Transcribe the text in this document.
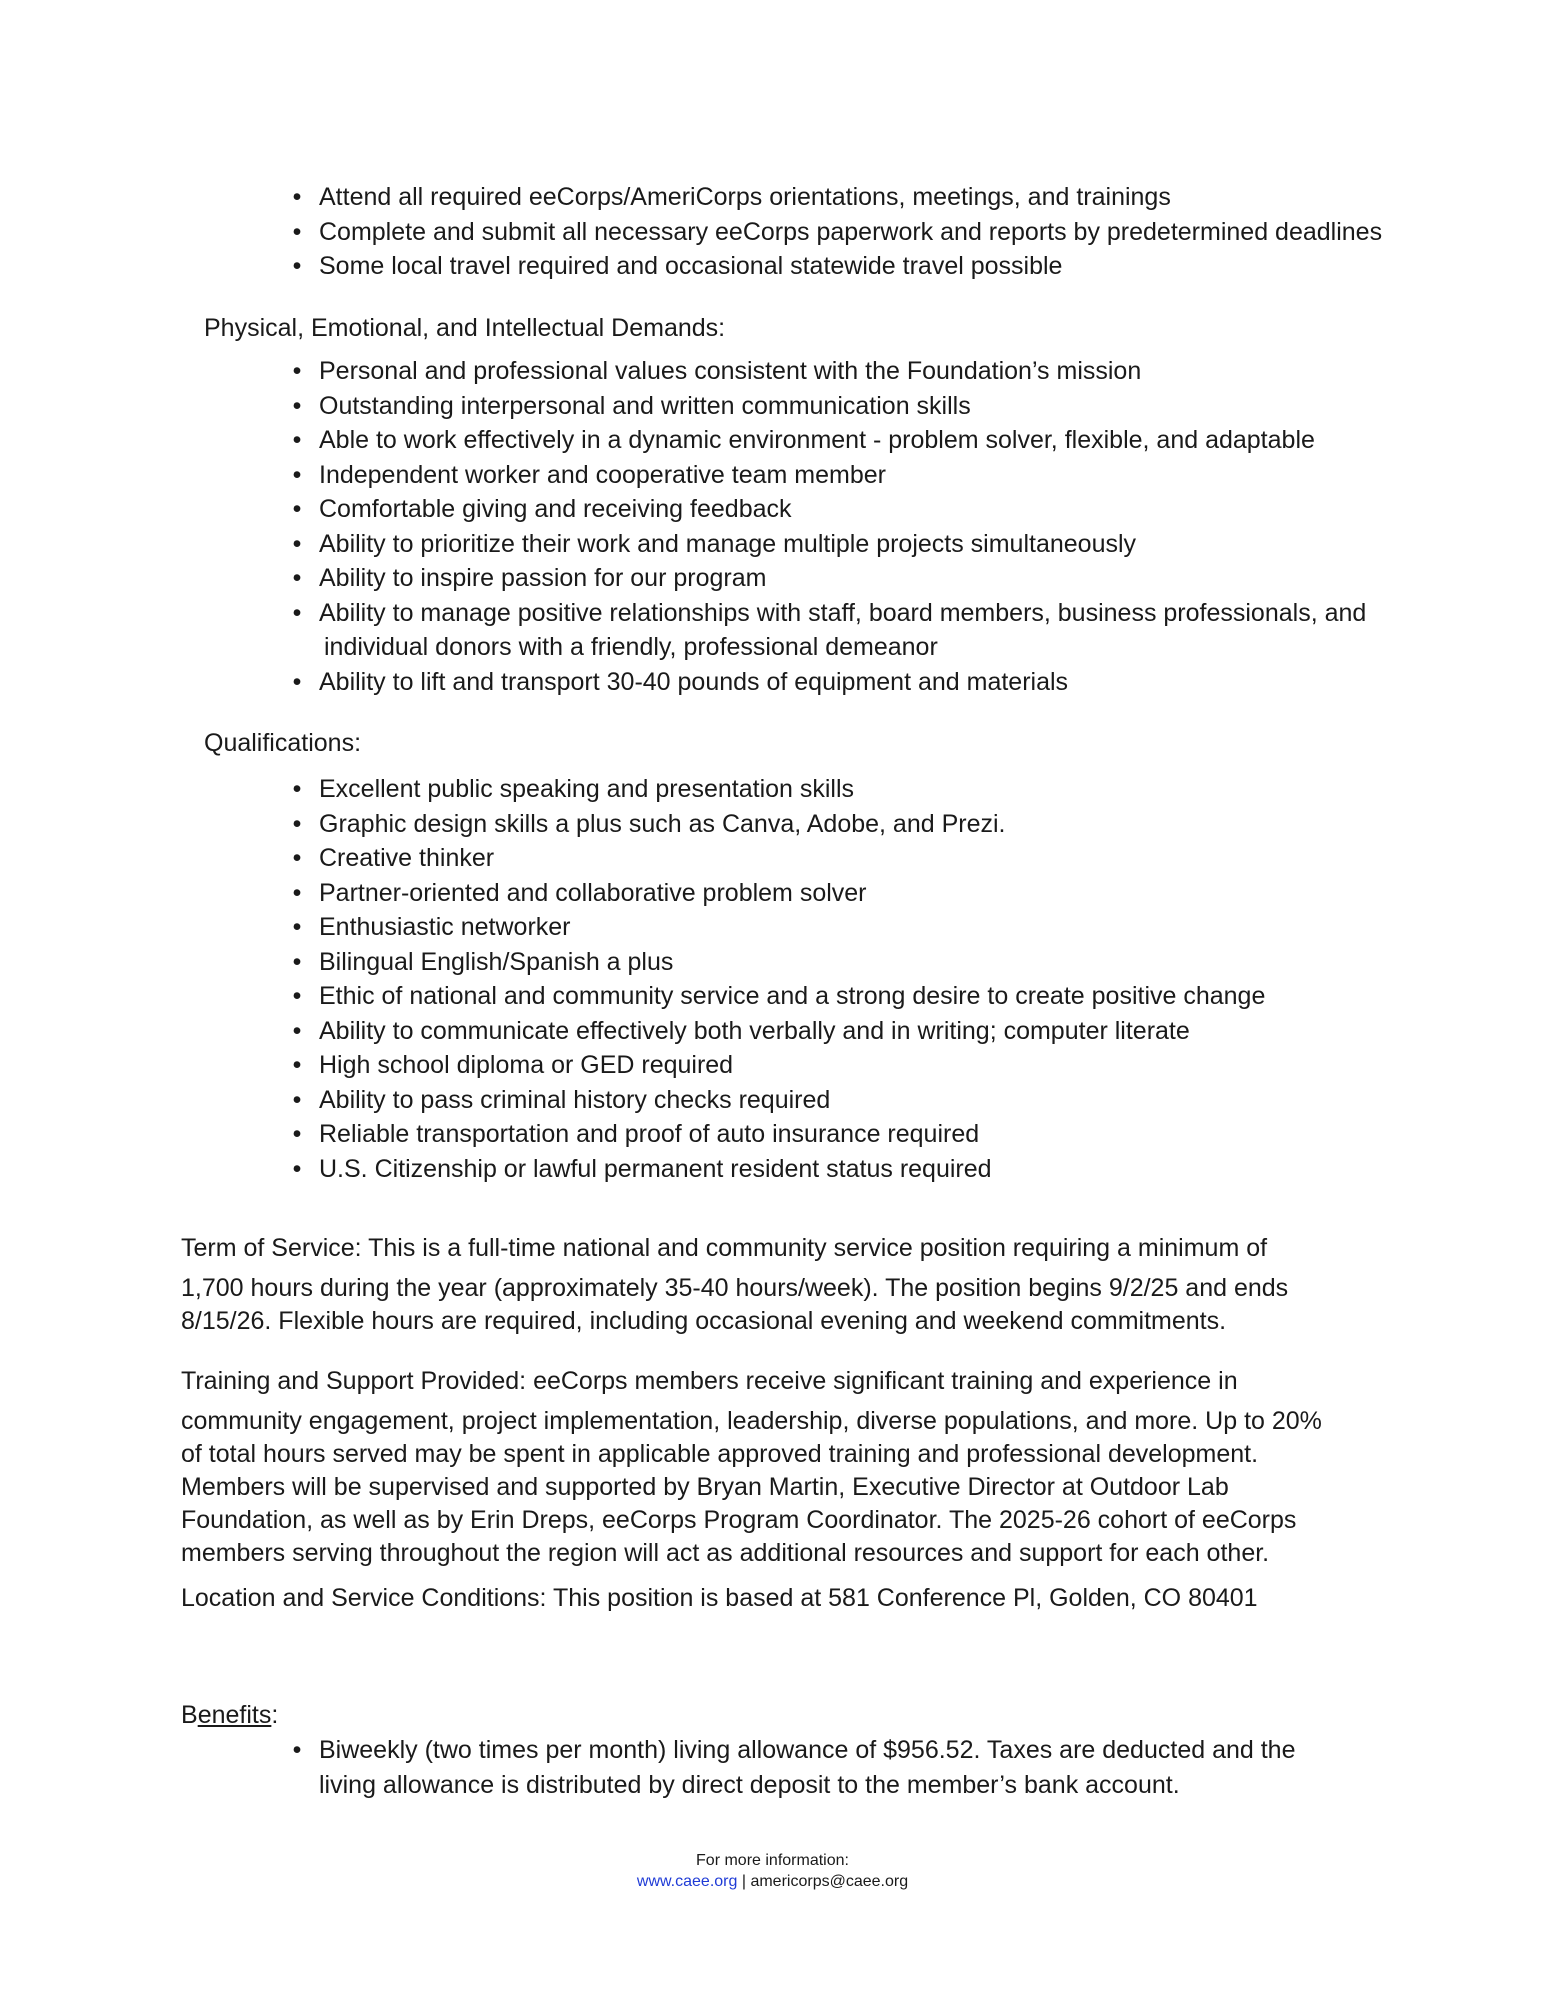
• Attend all required eeCorps/AmeriCorps orientations, meetings, and trainings
• Complete and submit all necessary eeCorps paperwork and reports by predetermined deadlines
• Some local travel required and occasional statewide travel possible

Physical, Emotional, and Intellectual Demands:

• Personal and professional values consistent with the Foundation’s mission
• Outstanding interpersonal and written communication skills
• Able to work effectively in a dynamic environment - problem solver, flexible, and adaptable
• Independent worker and cooperative team member
• Comfortable giving and receiving feedback
• Ability to prioritize their work and manage multiple projects simultaneously
• Ability to inspire passion for our program
• Ability to manage positive relationships with staff, board members, business professionals, and
individual donors with a friendly, professional demeanor
• Ability to lift and transport 30-40 pounds of equipment and materials

Qualifications:

• Excellent public speaking and presentation skills
• Graphic design skills a plus such as Canva, Adobe, and Prezi.
• Creative thinker
• Partner-oriented and collaborative problem solver
• Enthusiastic networker
• Bilingual English/Spanish a plus
• Ethic of national and community service and a strong desire to create positive change
• Ability to communicate effectively both verbally and in writing; computer literate
• High school diploma or GED required
• Ability to pass criminal history checks required
• Reliable transportation and proof of auto insurance required
• U.S. Citizenship or lawful permanent resident status required
Term of Service: This is a full-time national and community service position requiring a minimum of
1,700 hours during the year (approximately 35-40 hours/week). The position begins 9/2/25 and ends
8/15/26. Flexible hours are required, including occasional evening and weekend commitments.
Training and Support Provided: eeCorps members receive significant training and experience in
community engagement, project implementation, leadership, diverse populations, and more. Up to 20%
of total hours served may be spent in applicable approved training and professional development.
Members will be supervised and supported by Bryan Martin, Executive Director at Outdoor Lab
Foundation, as well as by Erin Dreps, eeCorps Program Coordinator. The 2025-26 cohort of eeCorps
members serving throughout the region will act as additional resources and support for each other.
Location and Service Conditions: This position is based at 581 Conference Pl, Golden, CO 80401
Benefits:
• Biweekly (two times per month) living allowance of $956.52. Taxes are deducted and the
living allowance is distributed by direct deposit to the member’s bank account.
For more information:
www.caee.org | americorps@caee.org
